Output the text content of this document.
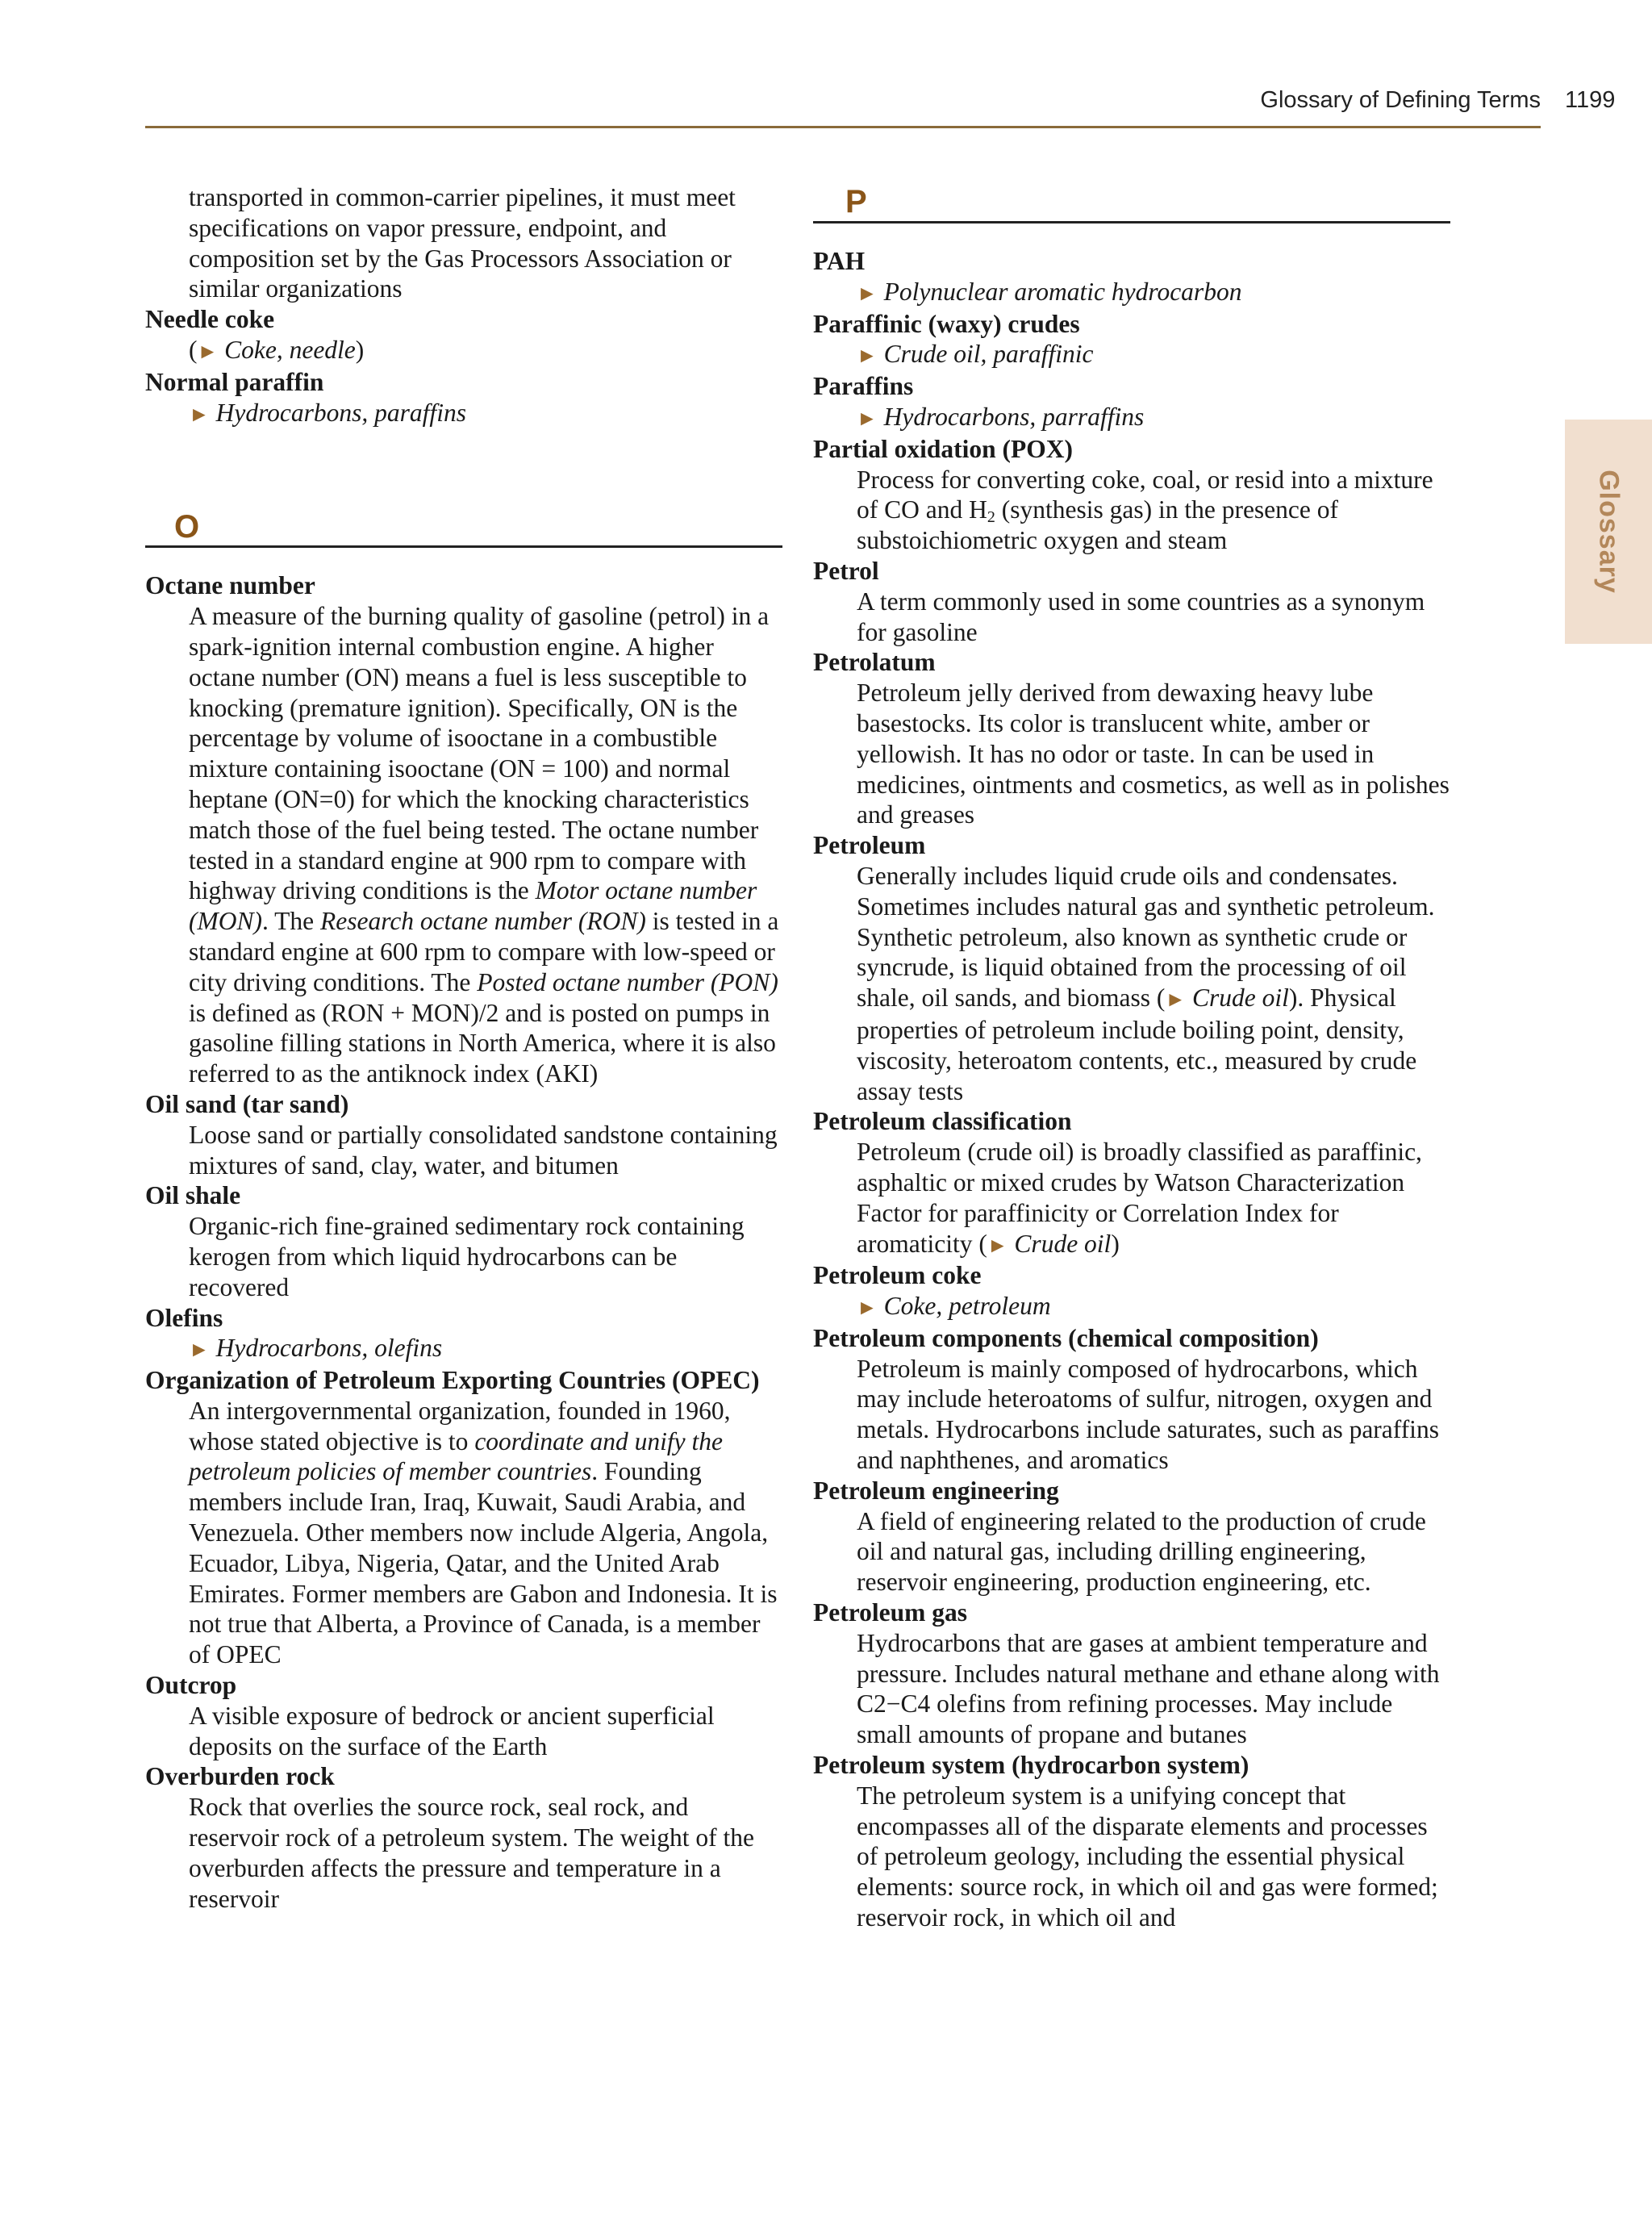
Glossary of Defining Terms 1199
Glossary

transported in common-carrier pipelines, it must meet specifications on vapor pressure, endpoint, and composition set by the Gas Processors Association or similar organizations

Needle coke

(► Coke, needle)

Normal paraffin

► Hydrocarbons, paraffins

O

Octane number

A measure of the burning quality of gasoline (petrol) in a spark-ignition internal combustion engine. A higher octane number (ON) means a fuel is less susceptible to knocking (premature ignition). Specifically, ON is the percentage by volume of isooctane in a combustible mixture containing isooctane (ON = 100) and normal heptane (ON=0) for which the knocking characteristics match those of the fuel being tested. The octane number tested in a standard engine at 900 rpm to compare with highway driving conditions is the Motor octane number (MON). The Research octane number (RON) is tested in a standard engine at 600 rpm to compare with low-speed or city driving conditions. The Posted octane number (PON) is defined as (RON + MON)/2 and is posted on pumps in gasoline filling stations in North America, where it is also referred to as the antiknock index (AKI)

Oil sand (tar sand)

Loose sand or partially consolidated sandstone containing mixtures of sand, clay, water, and bitumen

Oil shale

Organic-rich fine-grained sedimentary rock containing kerogen from which liquid hydrocarbons can be recovered

Olefins

► Hydrocarbons, olefins

Organization of Petroleum Exporting Countries (OPEC)

An intergovernmental organization, founded in 1960, whose stated objective is to coordinate and unify the petroleum policies of member countries. Founding members include Iran, Iraq, Kuwait, Saudi Arabia, and Venezuela. Other members now include Algeria, Angola, Ecuador, Libya, Nigeria, Qatar, and the United Arab Emirates. Former members are Gabon and Indonesia. It is not true that Alberta, a Province of Canada, is a member of OPEC

Outcrop

A visible exposure of bedrock or ancient superficial deposits on the surface of the Earth

Overburden rock

Rock that overlies the source rock, seal rock, and reservoir rock of a petroleum system. The weight of the overburden affects the pressure and temperature in a reservoir

P

PAH

► Polynuclear aromatic hydrocarbon

Paraffinic (waxy) crudes

► Crude oil, paraffinic

Paraffins

► Hydrocarbons, parraffins

Partial oxidation (POX)

Process for converting coke, coal, or resid into a mixture of CO and $H_2$ (synthesis gas) in the presence of substoichiometric oxygen and steam

Petrol

A term commonly used in some countries as a synonym for gasoline

Petrolatum

Petroleum jelly derived from dewaxing heavy lube basestocks. Its color is translucent white, amber or yellowish. It has no odor or taste. In can be used in medicines, ointments and cosmetics, as well as in polishes and greases

Petroleum

Generally includes liquid crude oils and condensates. Sometimes includes natural gas and synthetic petroleum. Synthetic petroleum, also known as synthetic crude or syncrude, is liquid obtained from the processing of oil shale, oil sands, and biomass (► Crude oil). Physical properties of petroleum include boiling point, density, viscosity, heteroatom contents, etc., measured by crude assay tests

Petroleum classification

Petroleum (crude oil) is broadly classified as paraffinic, asphaltic or mixed crudes by Watson Characterization Factor for paraffinicity or Correlation Index for aromaticity (► Crude oil)

Petroleum coke

► Coke, petroleum

Petroleum components (chemical composition)

Petroleum is mainly composed of hydrocarbons, which may include heteroatoms of sulfur, nitrogen, oxygen and metals. Hydrocarbons include saturates, such as paraffins and naphthenes, and aromatics

Petroleum engineering

A field of engineering related to the production of crude oil and natural gas, including drilling engineering, reservoir engineering, production engineering, etc.

Petroleum gas

Hydrocarbons that are gases at ambient temperature and pressure. Includes natural methane and ethane along with C2−C4 olefins from refining processes. May include small amounts of propane and butanes

Petroleum system (hydrocarbon system)

The petroleum system is a unifying concept that encompasses all of the disparate elements and processes of petroleum geology, including the essential physical elements: source rock, in which oil and gas were formed; reservoir rock, in which oil and
